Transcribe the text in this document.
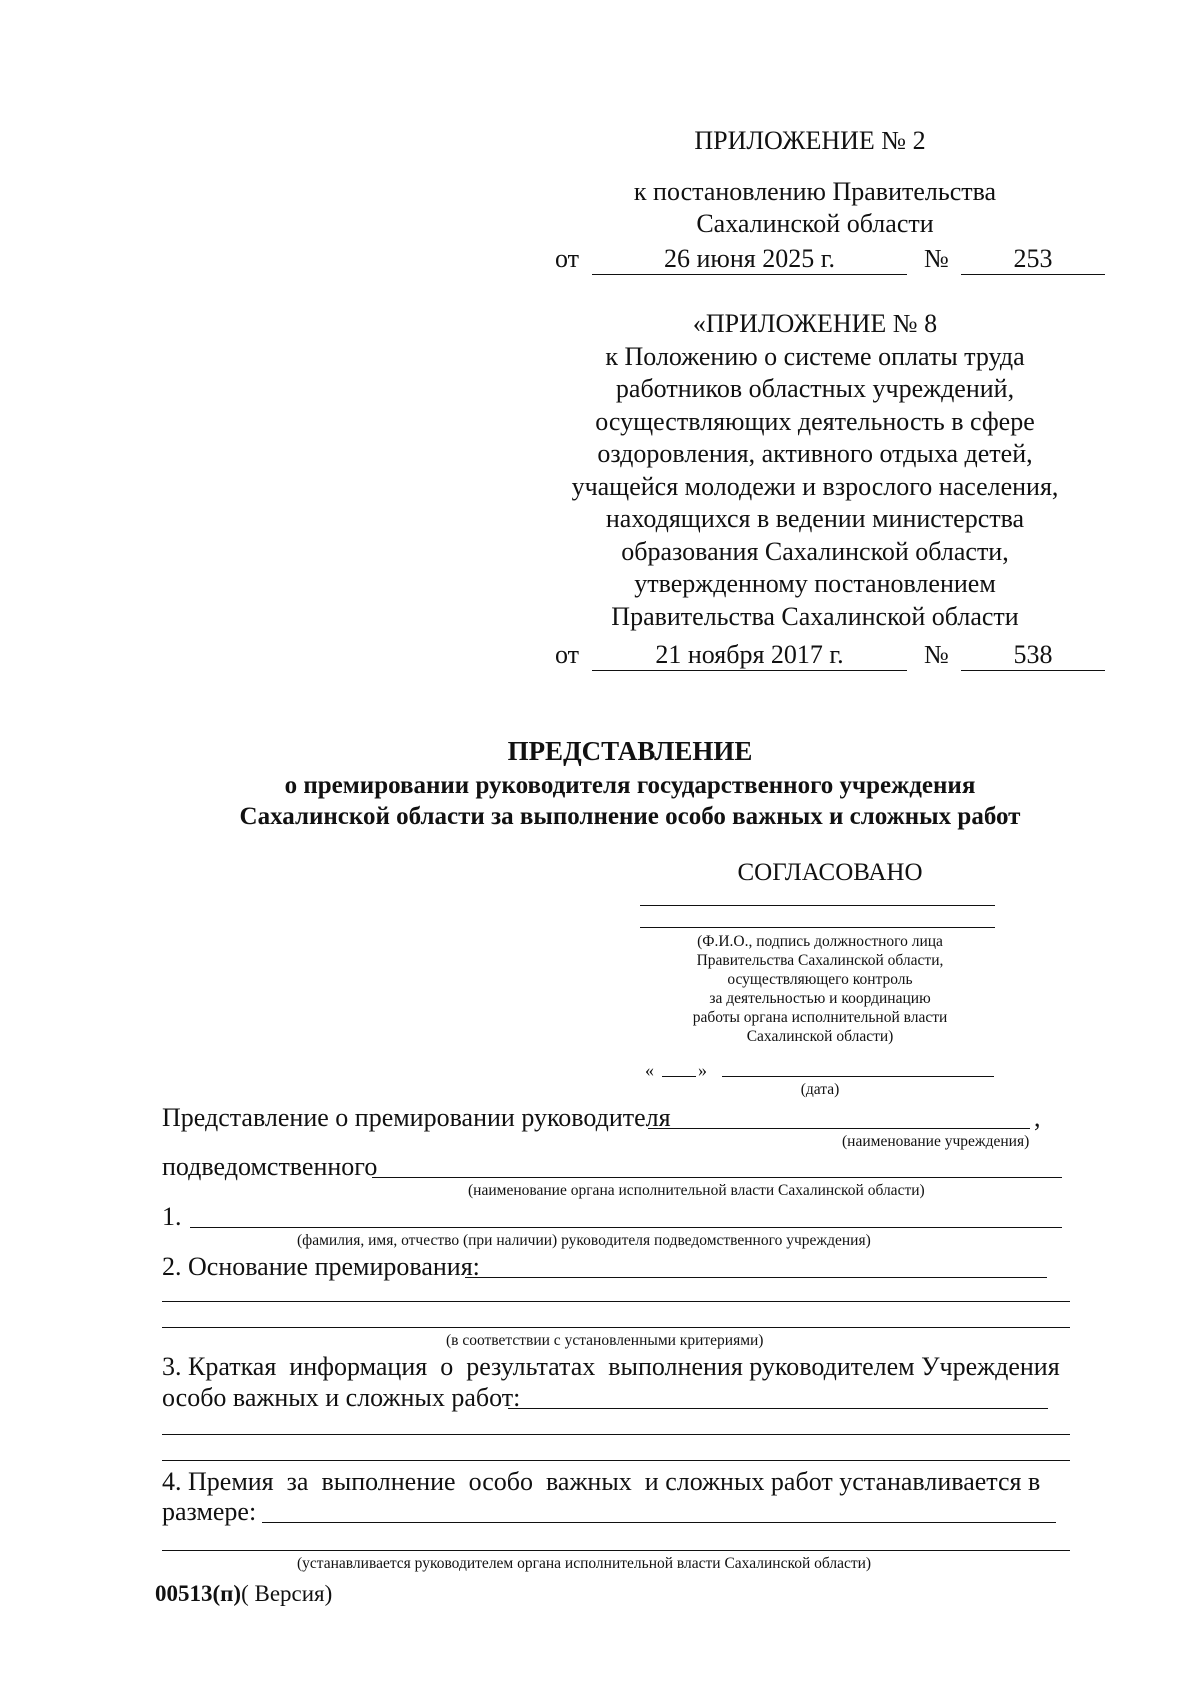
ПРИЛОЖЕНИЕ № 2
к постановлению Правительства
Сахалинской области
от	26 июня 2025 г.	№	253
«ПРИЛОЖЕНИЕ № 8
к Положению о системе оплаты труда
работников областных учреждений,
осуществляющих деятельность в сфере
оздоровления, активного отдыха детей,
учащейся молодежи и взрослого населения,
находящихся в ведении министерства
образования Сахалинской области,
утвержденному постановлением
Правительства Сахалинской области
от	21 ноября 2017 г.	№	538
ПРЕДСТАВЛЕНИЕ
о премировании руководителя государственного учреждения
Сахалинской области за выполнение особо важных и сложных работ
СОГЛАСОВАНО
(Ф.И.О., подпись должностного лица
Правительства Сахалинской области,
осуществляющего контроль
за деятельностью и координацию
работы органа исполнительной власти
Сахалинской области)
« »
(дата)
Представление о премировании руководителя	,
(наименование учреждения)
подведомственного
(наименование органа исполнительной власти Сахалинской области)
1.
(фамилия, имя, отчество (при наличии) руководителя подведомственного учреждения)
2. Основание премирования:
(в соответствии с установленными критериями)
3. Краткая  информация  о  результатах  выполнения руководителем Учреждения
особо важных и сложных работ:
4. Премия  за  выполнение  особо  важных  и сложных работ устанавливается в
размере:
(устанавливается руководителем органа исполнительной власти Сахалинской области)
00513(п)( Версия)
